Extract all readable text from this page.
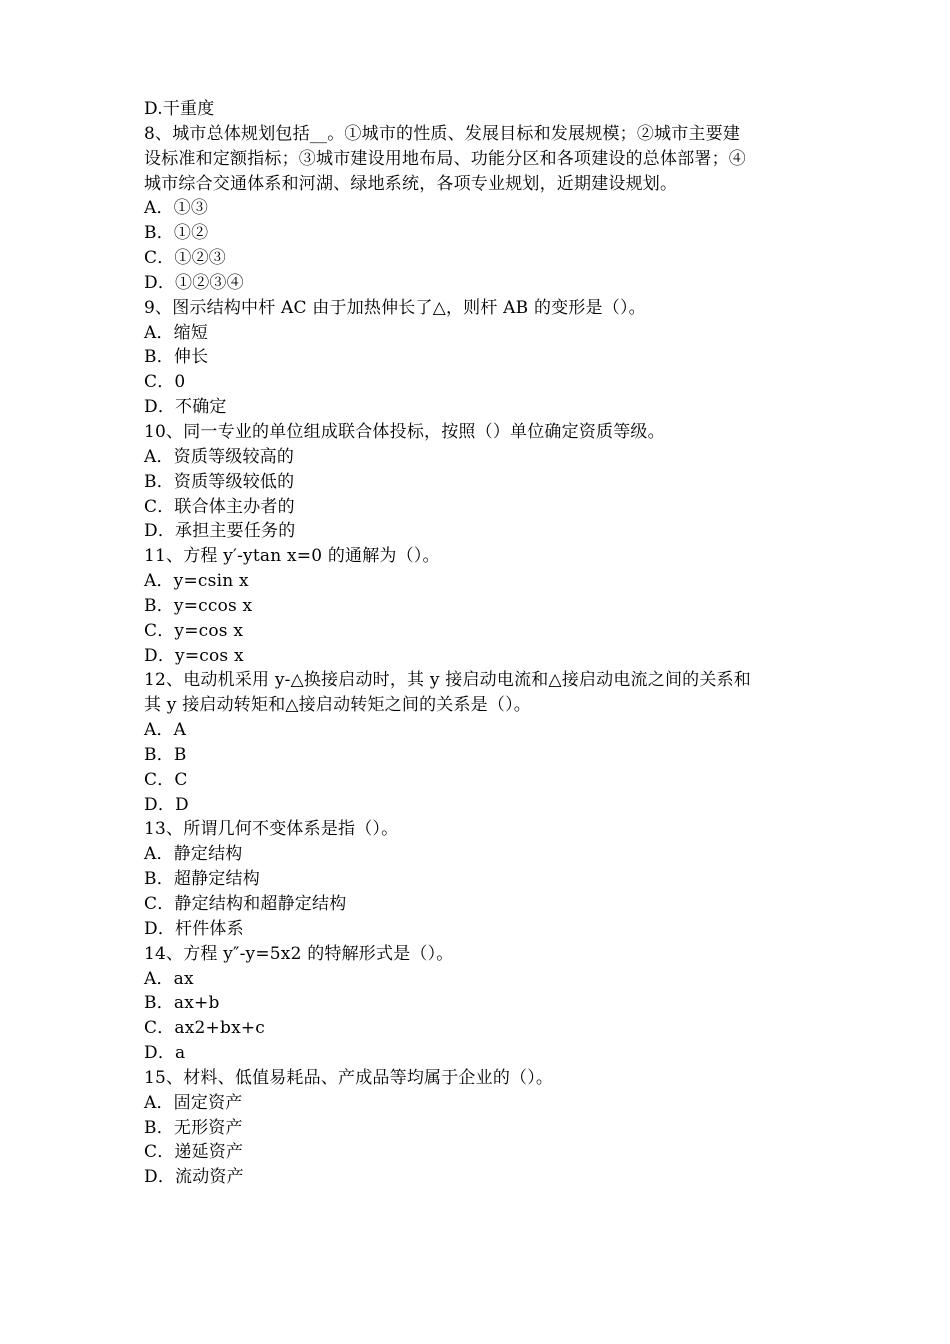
D.干重度
8、城市总体规划包括__。①城市的性质、发展目标和发展规模；②城市主要建
设标准和定额指标；③城市建设用地布局、功能分区和各项建设的总体部署；④
城市综合交通体系和河湖、绿地系统，各项专业规划，近期建设规划。
A．①③
B．①②
C．①②③
D．①②③④
9、图示结构中杆 AC 由于加热伸长了△，则杆 AB 的变形是（）。
A．缩短
B．伸长
C．0
D．不确定
10、同一专业的单位组成联合体投标，按照（）单位确定资质等级。
A．资质等级较高的
B．资质等级较低的
C．联合体主办者的
D．承担主要任务的
11、方程 y′-ytan x=0 的通解为（）。
A．y=csin x
B．y=ccos x
C．y=cos x
D．y=cos x
12、电动机采用 y-△换接启动时，其 y 接启动电流和△接启动电流之间的关系和
其 y 接启动转矩和△接启动转矩之间的关系是（）。
A．A
B．B
C．C
D．D
13、所谓几何不变体系是指（）。
A．静定结构
B．超静定结构
C．静定结构和超静定结构
D．杆件体系
14、方程 y″-y=5x2 的特解形式是（）。
A．ax
B．ax+b
C．ax2+bx+c
D．a
15、材料、低值易耗品、产成品等均属于企业的（）。
A．固定资产
B．无形资产
C．递延资产
D．流动资产
